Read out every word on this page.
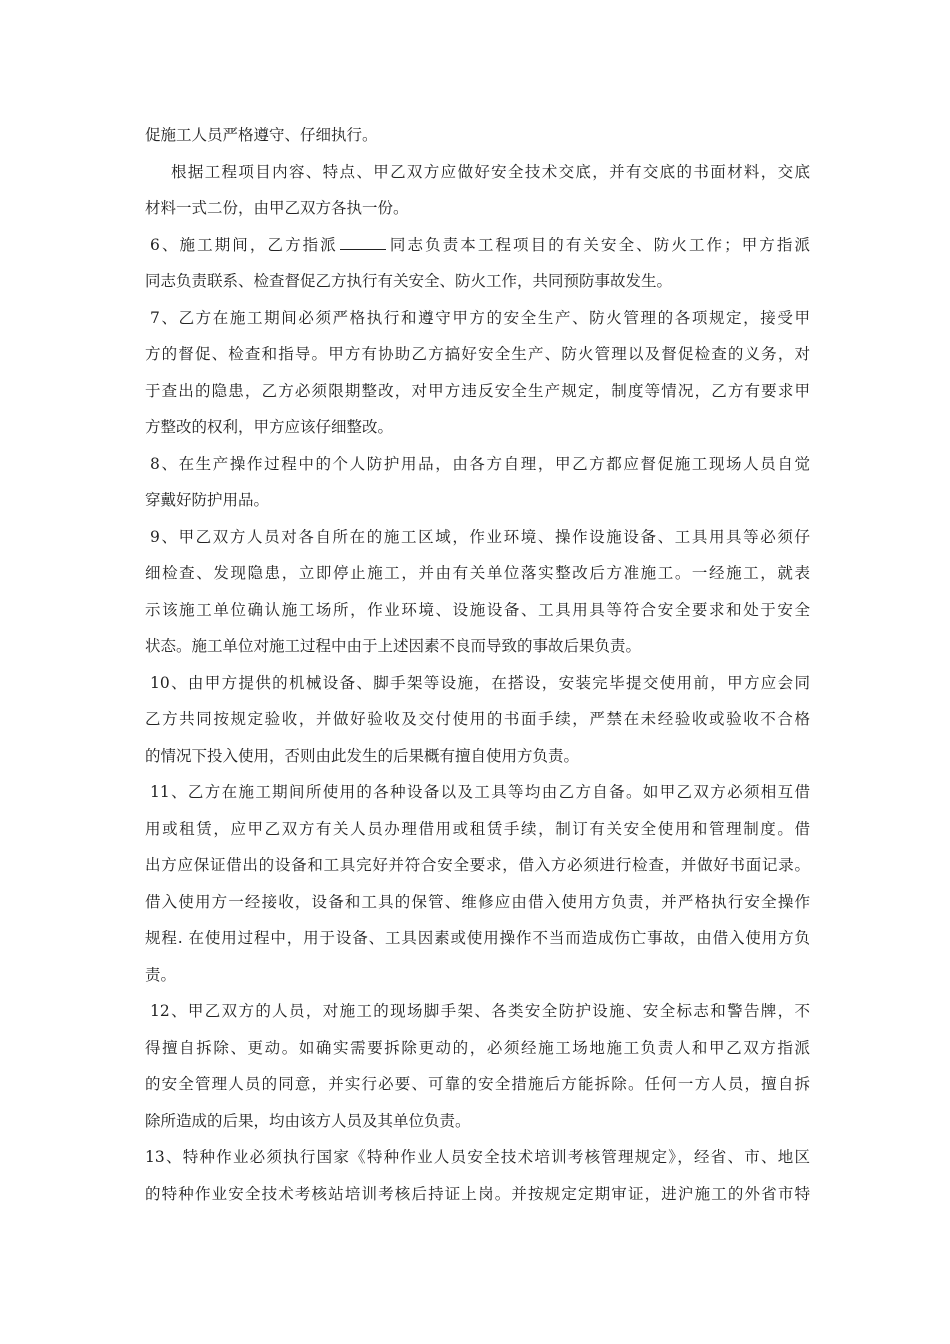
促施工人员严格遵守、仔细执行。
根据工程项目内容、特点、甲乙双方应做好安全技术交底，并有交底的书面材料，交底
材料一式二份，由甲乙双方各执一份。
6、施工期间，乙方指派	同志负责本工程项目的有关安全、防火工作；甲方指派
同志负责联系、检查督促乙方执行有关安全、防火工作，共同预防事故发生。
7、乙方在施工期间必须严格执行和遵守甲方的安全生产、防火管理的各项规定，接受甲
方的督促、检查和指导。甲方有协助乙方搞好安全生产、防火管理以及督促检查的义务，对
于查出的隐患，乙方必须限期整改，对甲方违反安全生产规定，制度等情况，乙方有要求甲
方整改的权利，甲方应该仔细整改。
8、在生产操作过程中的个人防护用品，由各方自理，甲乙方都应督促施工现场人员自觉
穿戴好防护用品。
9、甲乙双方人员对各自所在的施工区域，作业环境、操作设施设备、工具用具等必须仔
细检查、发现隐患，立即停止施工，并由有关单位落实整改后方准施工。一经施工，就表
示该施工单位确认施工场所，作业环境、设施设备、工具用具等符合安全要求和处于安全
状态。施工单位对施工过程中由于上述因素不良而导致的事故后果负责。
10、由甲方提供的机械设备、脚手架等设施，在搭设，安装完毕提交使用前，甲方应会同
乙方共同按规定验收，并做好验收及交付使用的书面手续，严禁在未经验收或验收不合格
的情况下投入使用，否则由此发生的后果概有擅自使用方负责。
11、乙方在施工期间所使用的各种设备以及工具等均由乙方自备。如甲乙双方必须相互借
用或租赁，应甲乙双方有关人员办理借用或租赁手续，制订有关安全使用和管理制度。借
出方应保证借出的设备和工具完好并符合安全要求，借入方必须进行检查，并做好书面记录。
借入使用方一经接收，设备和工具的保管、维修应由借入使用方负责，并严格执行安全操作
规程. 在使用过程中，用于设备、工具因素或使用操作不当而造成伤亡事故，由借入使用方负
责。
12、甲乙双方的人员，对施工的现场脚手架、各类安全防护设施、安全标志和警告牌，不
得擅自拆除、更动。如确实需要拆除更动的，必须经施工场地施工负责人和甲乙双方指派
的安全管理人员的同意，并实行必要、可靠的安全措施后方能拆除。任何一方人员，擅自拆
除所造成的后果，均由该方人员及其单位负责。
13、特种作业必须执行国家《特种作业人员安全技术培训考核管理规定》，经省、市、地区
的特种作业安全技术考核站培训考核后持证上岗。并按规定定期审证，进沪施工的外省市特
